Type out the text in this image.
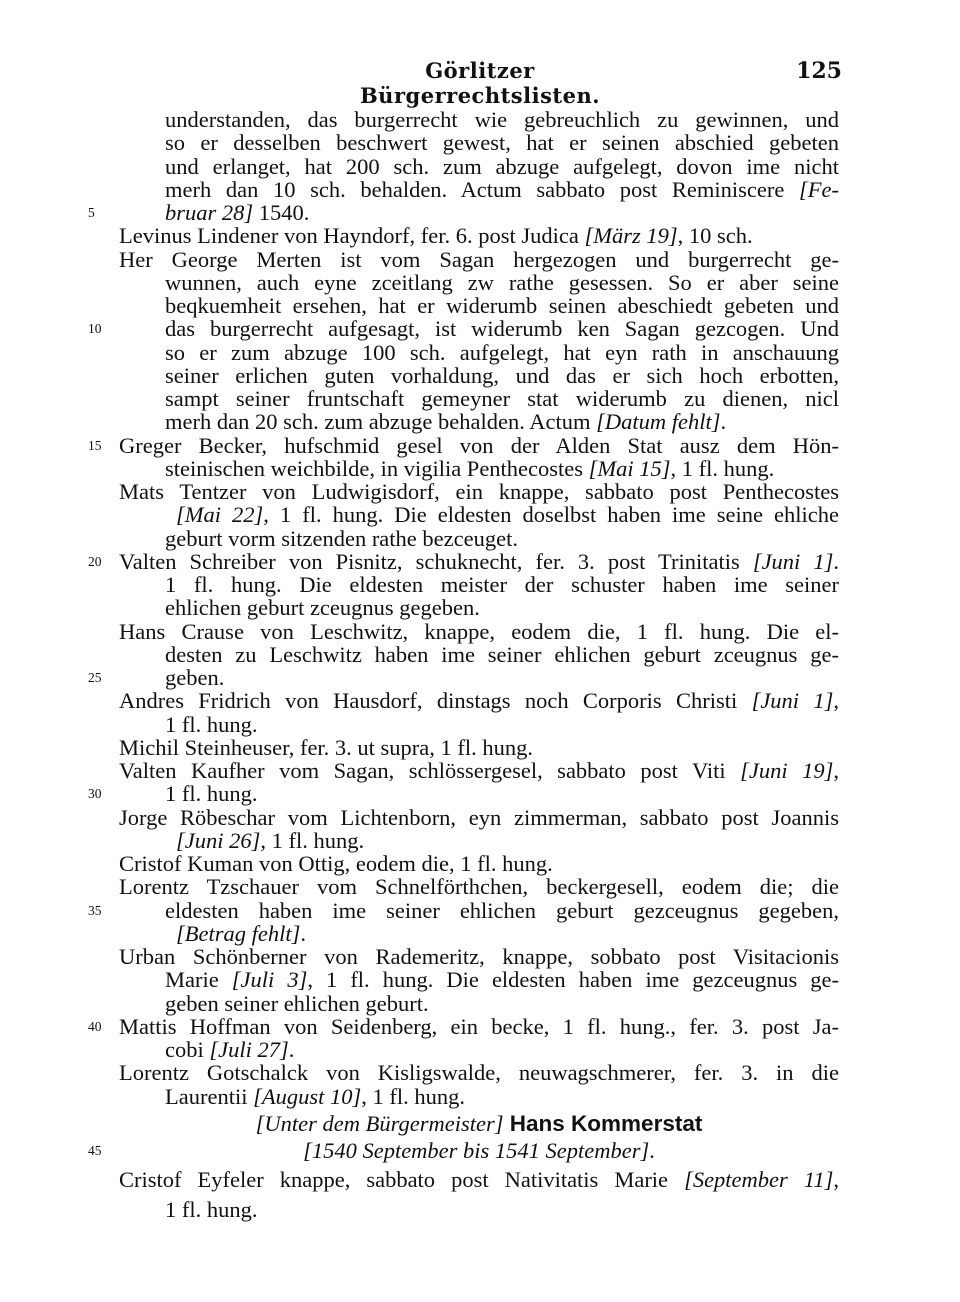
Görlitzer Bürgerrechtslisten.
125
understanden, das burgerrecht wie gebreuchlich zu gewinnen, und
so er desselben beschwert gewest, hat er seinen abschied gebeten
und erlanget, hat 200 sch. zum abzuge aufgelegt, dovon ime nicht
merh dan 10 sch. behalden. Actum sabbato post Reminiscere [Fe-
5	bruar 28] 1540.
Levinus Lindener von Hayndorf, fer. 6. post Judica [März 19], 10 sch.
Her George Merten ist vom Sagan hergezogen und burgerrecht ge-
wunnen, auch eyne zceitlang zw rathe gesessen. So er aber seine
beqkuemheit ersehen, hat er widerumb seinen abeschiedt gebeten und
10	das burgerrecht aufgesagt, ist widerumb ken Sagan gezcogen. Und
so er zum abzuge 100 sch. aufgelegt, hat eyn rath in anschauung
seiner erlichen guten vorhaldung, und das er sich hoch erbotten,
sampt seiner fruntschaft gemeyner stat widerumb zu dienen, nicl
merh dan 20 sch. zum abzuge behalden. Actum [Datum fehlt].
15 Greger Becker, hufschmid gesel von der Alden Stat ausz dem Hön-
steinischen weichbilde, in vigilia Penthecostes [Mai 15], 1 fl. hung.
Mats Tentzer von Ludwigisdorf, ein knappe, sabbato post Penthecostes
[Mai 22], 1 fl. hung. Die eldesten doselbst haben ime seine ehliche
geburt vorm sitzenden rathe bezceuget.
20 Valten Schreiber von Pisnitz, schuknecht, fer. 3. post Trinitatis [Juni 1].
1 fl. hung. Die eldesten meister der schuster haben ime seiner
ehlichen geburt zceugnus gegeben.
Hans Crause von Leschwitz, knappe, eodem die, 1 fl. hung. Die el-
desten zu Leschwitz haben ime seiner ehlichen geburt zceugnus ge-
25	geben.
Andres Fridrich von Hausdorf, dinstags noch Corporis Christi [Juni 1],
1 fl. hung.
Michil Steinheuser, fer. 3. ut supra, 1 fl. hung.
Valten Kaufher vom Sagan, schlössergesel, sabbato post Viti [Juni 19],
30	1 fl. hung.
Jorge Röbeschar vom Lichtenborn, eyn zimmerman, sabbato post Joannis
[Juni 26], 1 fl. hung.
Cristof Kuman von Ottig, eodem die, 1 fl. hung.
Lorentz Tzschauer vom Schnelförthchen, beckergesell, eodem die; die
35	eldesten haben ime seiner ehlichen geburt gezceugnus gegeben,
[Betrag fehlt].
Urban Schönberner von Rademeritz, knappe, sobbato post Visitacionis
Marie [Juli 3], 1 fl. hung. Die eldesten haben ime gezceugnus ge-
geben seiner ehlichen geburt.
40 Mattis Hoffman von Seidenberg, ein becke, 1 fl. hung., fer. 3. post Ja-
cobi [Juli 27].
Lorentz Gotschalck von Kisligswalde, neuwagschmerer, fer. 3. in die
Laurentii [August 10], 1 fl. hung.
[Unter dem Bürgermeister] Hans Kommerstat
45	[1540 September bis 1541 September].
Cristof Eyfeler knappe, sabbato post Nativitatis Marie [September 11],
1 fl. hung.
